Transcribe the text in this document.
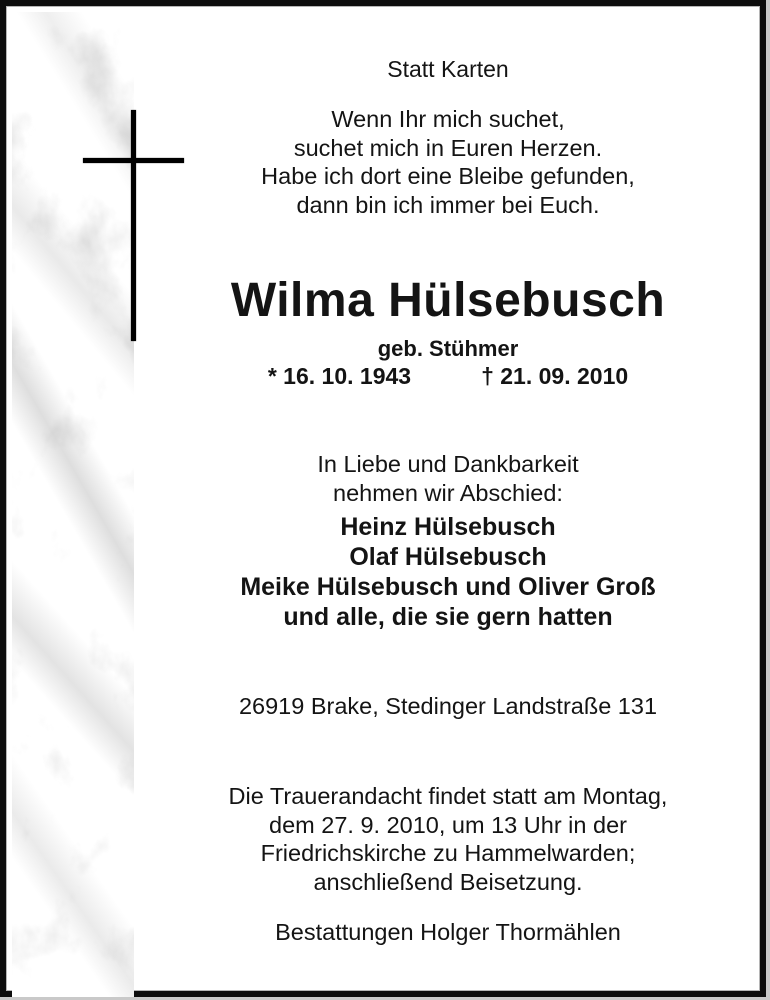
Statt Karten
Wenn Ihr mich suchet,
suchet mich in Euren Herzen.
Habe ich dort eine Bleibe gefunden,
dann bin ich immer bei Euch.
Wilma Hülsebusch
geb. Stühmer
* 16. 10. 1943	† 21. 09. 2010
In Liebe und Dankbarkeit
nehmen wir Abschied:
Heinz Hülsebusch
Olaf Hülsebusch
Meike Hülsebusch und Oliver Groß
und alle, die sie gern hatten
26919 Brake, Stedinger Landstraße 131
Die Trauerandacht findet statt am Montag,
dem 27. 9. 2010, um 13 Uhr in der
Friedrichskirche zu Hammelwarden;
anschließend Beisetzung.
Bestattungen Holger Thormählen
